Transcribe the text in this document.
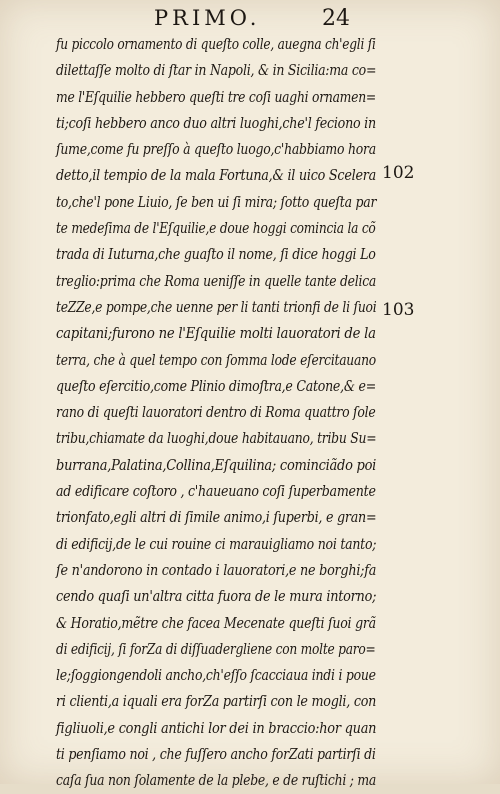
PRIMO.	24
fu piccolo ornamento di queſto colle, auegna ch'egli ſi
dilettaſſe molto di ſtar in Napoli, & in Sicilia:ma co=
me l'Eſquilie hebbero queſti tre coſi uaghi ornamen=
ti;coſi hebbero anco duo altri luoghi,che'l feciono in
ſume,come fu preſſo à queſto luogo,c'habbiamo hora
detto,il tempio de la mala Fortuna,& il uico Scelera
to,che'l pone Liuio, ſe ben ui ſi mira; ſotto queſta par
te medeſima de l'Eſquilie,e doue hoggi comincia la cõ
trada di Iuturna,che guaſto il nome, ſi dice hoggi Lo
treglio:prima che Roma ueniſſe in quelle tante delica
teZZe,e pompe,che uenne per li tanti trionfi de li ſuoi
capitani;furono ne l'Eſquilie molti lauoratori de la
terra, che à quel tempo con ſomma lode eſercitauano
queſto eſercitio,come Plinio dimoſtra,e Catone,& e=
rano di queſti lauoratori dentro di Roma quattro ſole
tribu,chiamate da luoghi,doue habitauano, tribu Su=
burrana,Palatina,Collina,Eſquilina; cominciãdo poi
ad edificare coſtoro , c'haueuano coſi ſuperbamente
trionfato,egli altri di ſimile animo,i ſuperbi, e gran=
di edificij,de le cui rouine ci marauigliamo noi tanto;
ſe n'andorono in contado i lauoratori,e ne borghi;fa
cendo quaſi un'altra citta fuora de le mura intorno;
& Horatio,mẽtre che facea Mecenate queſti ſuoi grã
di edificij, ſi forZa di diſſuadergliene con molte paro=
le;ſoggiongendoli ancho,ch'eſſo ſcacciaua indi i poue
ri clienti,a iquali era forZa partirſi con le mogli, con
figliuoli,e congli antichi lor dei in braccio:hor quan
ti penſiamo noi , che fuſſero ancho forZati partirſi di
caſa ſua non ſolamente de la plebe, e de ruſtichi ; ma
102
103
